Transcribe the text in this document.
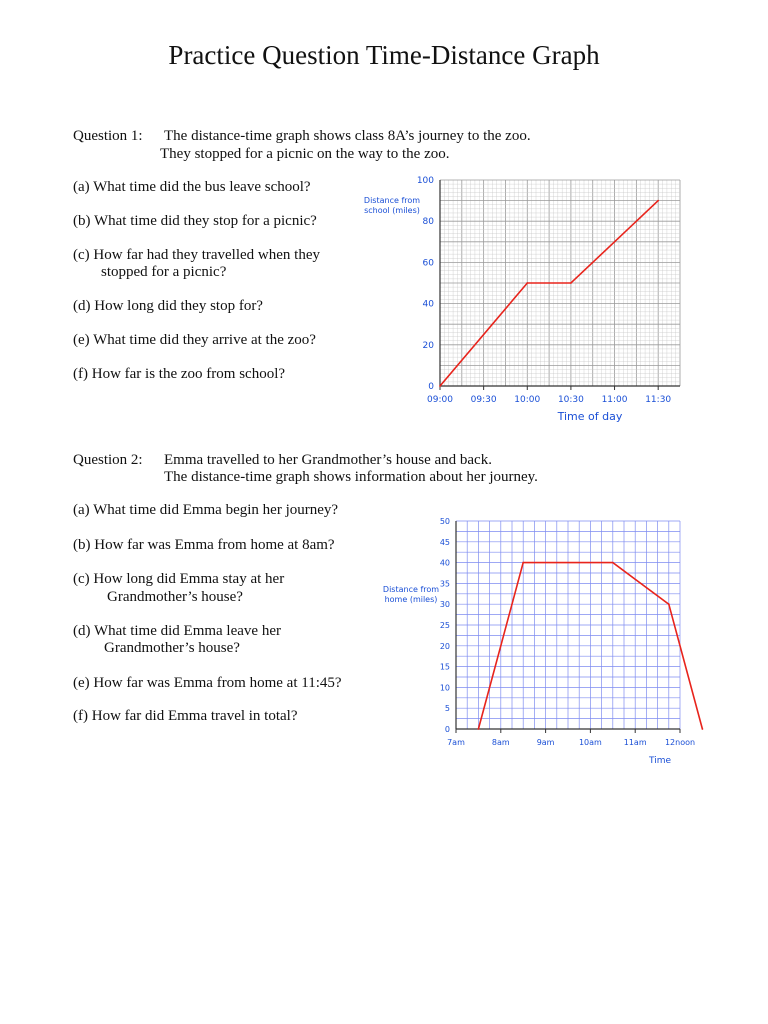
Practice Question Time-Distance Graph
Question 1: The distance-time graph shows class 8A’s journey to the zoo.
They stopped for a picnic on the way to the zoo.
(a) What time did the bus leave school?
(b) What time did they stop for a picnic?
(c) How far had they travelled when they
stopped for a picnic?
(d) How long did they stop for?
(e) What time did they arrive at the zoo?
(f) How far is the zoo from school?
0
20
40
60
80
100
09:00 09:30 10:00 10:30 11:00 11:30
Distance from
school (miles)
Time of day
Question 2: Emma travelled to her Grandmother’s house and back.
The distance-time graph shows information about her journey.
(a) What time did Emma begin her journey?
(b) How far was Emma from home at 8am?
(c) How long did Emma stay at her
Grandmother’s house?
(d) What time did Emma leave her
Grandmother’s house?
(e) How far was Emma from home at 11:45?
(f) How far did Emma travel in total?
0
5
10
15
20
25
30
35
40
45
50
7am	8am	9am	10am	11am 12noon
Distance from
home (miles)
Time
